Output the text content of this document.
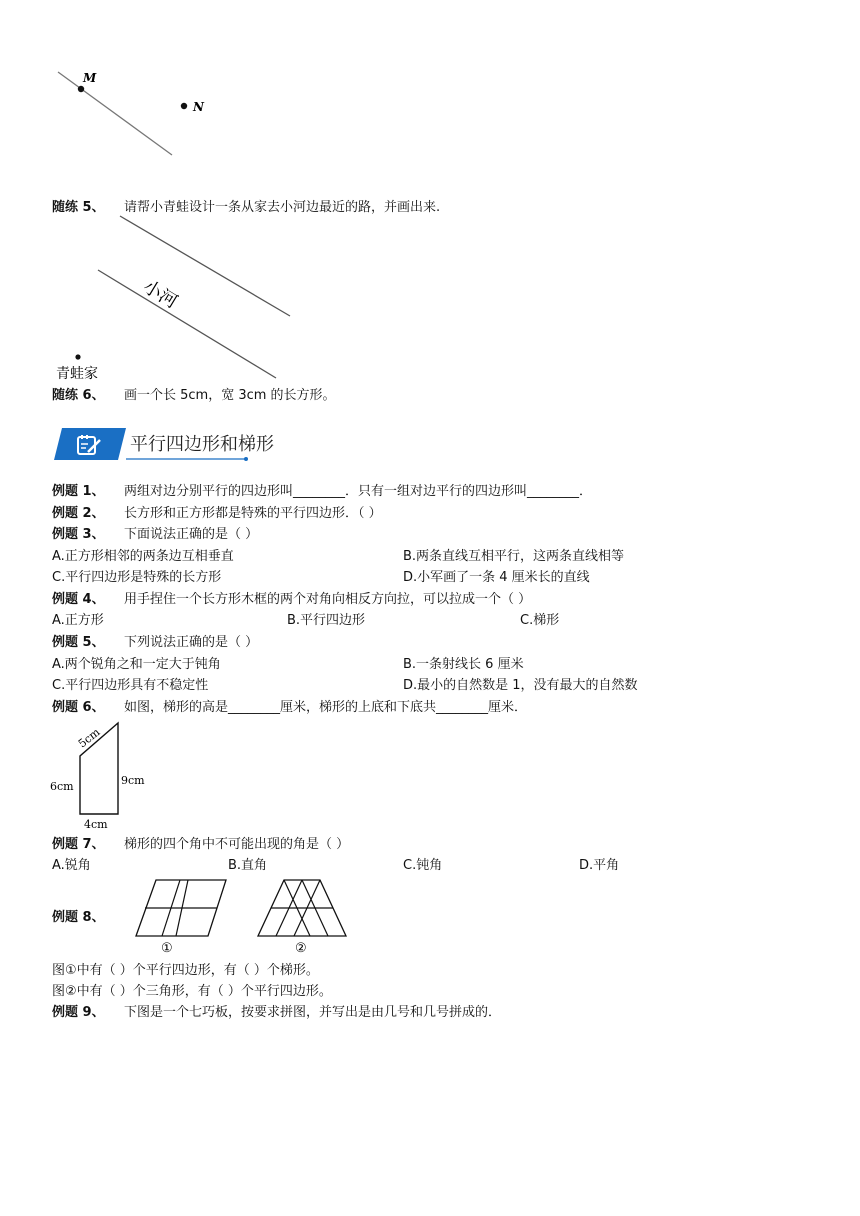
M
N
随练 5、 请帮小青蛙设计一条从家去小河边最近的路，并画出来.
小河
青蛙家
随练 6、 画一个长 5cm，宽 3cm 的长方形。
平行四边形和梯形
例题 1、 两组对边分别平行的四边形叫________．只有一组对边平行的四边形叫________．
例题 2、 长方形和正方形都是特殊的平行四边形．（ ）
例题 3、 下面说法正确的是（ ）
A.正方形相邻的两条边互相垂直	B.两条直线互相平行，这两条直线相等
C.平行四边形是特殊的长方形	D.小军画了一条 4 厘米长的直线
例题 4、 用手捏住一个长方形木框的两个对角向相反方向拉，可以拉成一个（ ）
A.正方形	B.平行四边形	C.梯形
例题 5、 下列说法正确的是（ ）
A.两个锐角之和一定大于钝角	B.一条射线长 6 厘米
C.平行四边形具有不稳定性	D.最小的自然数是 1，没有最大的自然数
例题 6、 如图，梯形的高是________厘米，梯形的上底和下底共________厘米．
5cm
6cm	9cm
4cm
例题 7、 梯形的四个角中不可能出现的角是（ ）
A.锐角	B.直角	C.钝角	D.平角
例题 8、
①	②
图①中有（ ）个平行四边形，有（ ）个梯形。
图②中有（ ）个三角形，有（ ）个平行四边形。
例题 9、 下图是一个七巧板，按要求拼图，并写出是由几号和几号拼成的．
